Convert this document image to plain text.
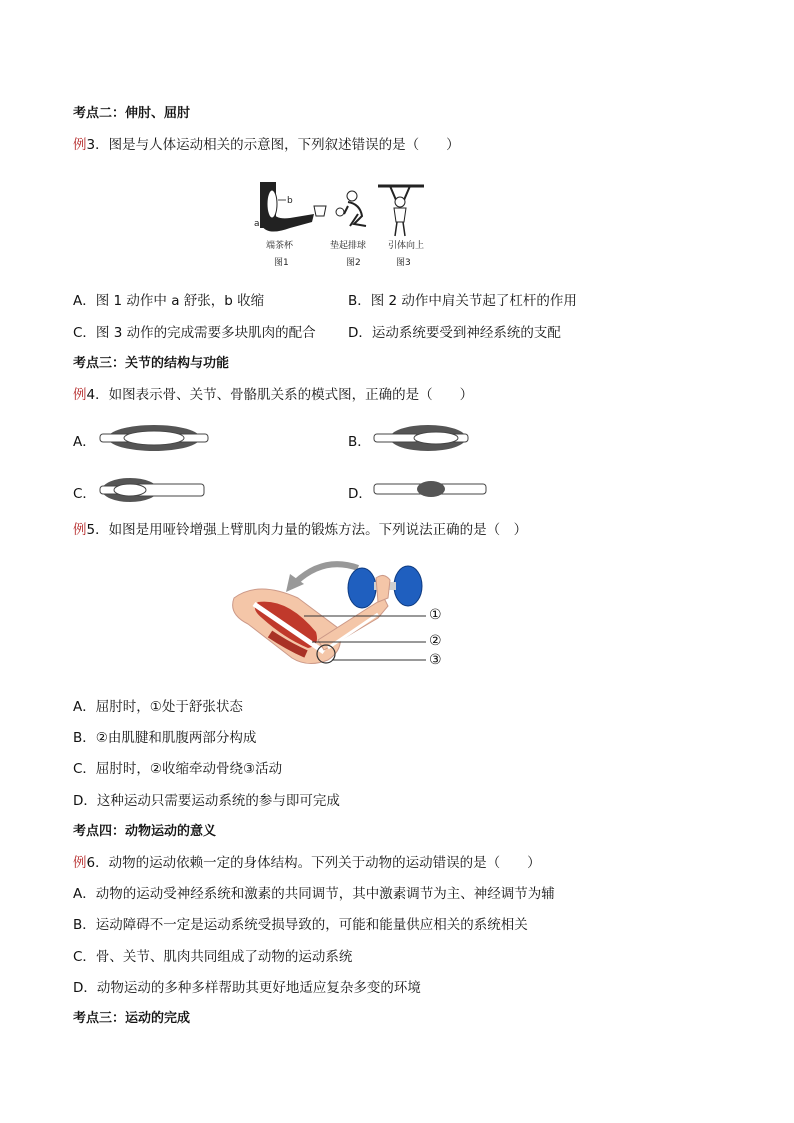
考点二：伸肘、屈肘
例3．图是与人体运动相关的示意图，下列叙述错误的是（　　）
b
a
端茶杯	垫起排球 引体向上
图1	图2	图3
A．图 1 动作中 a 舒张，b 收缩	B．图 2 动作中肩关节起了杠杆的作用
C．图 3 动作的完成需要多块肌肉的配合 D．运动系统要受到神经系统的支配
考点三：关节的结构与功能
例4．如图表示骨、关节、骨骼肌关系的模式图，正确的是（　　）
A．	B．
C．	D．
例5．如图是用哑铃增强上臂肌肉力量的锻炼方法。下列说法正确的是（　）
①
②
③
A．屈肘时，①处于舒张状态
B．②由肌腱和肌腹两部分构成
C．屈肘时，②收缩牵动骨绕③活动
D．这种运动只需要运动系统的参与即可完成
考点四：动物运动的意义
例6．动物的运动依赖一定的身体结构。下列关于动物的运动错误的是（　　）
A．动物的运动受神经系统和激素的共同调节，其中激素调节为主、神经调节为辅
B．运动障碍不一定是运动系统受损导致的，可能和能量供应相关的系统相关
C．骨、关节、肌肉共同组成了动物的运动系统
D．动物运动的多种多样帮助其更好地适应复杂多变的环境
考点三：运动的完成
